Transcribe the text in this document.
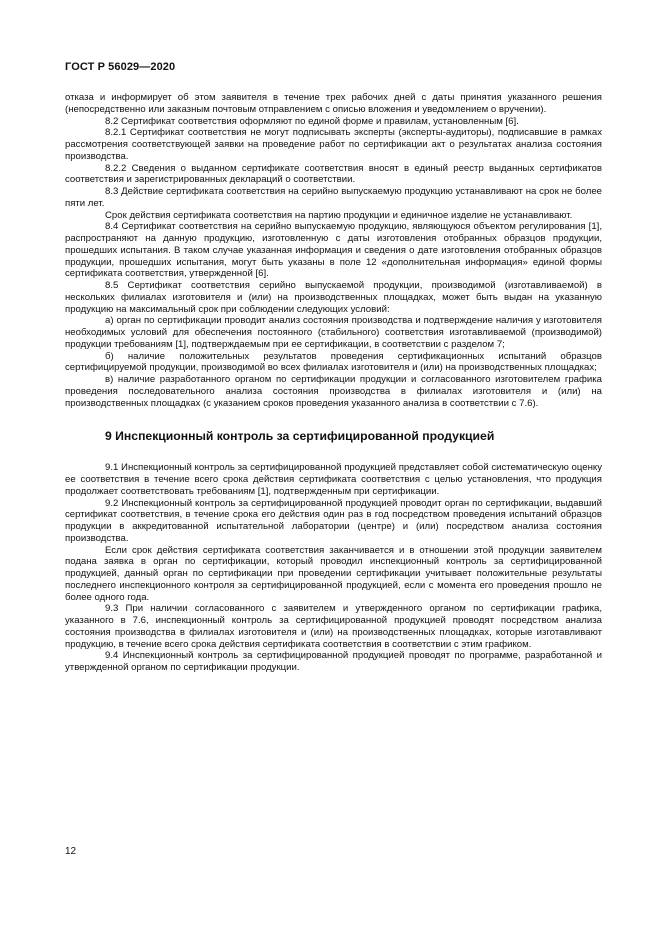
ГОСТ Р 56029—2020

отказа и информирует об этом заявителя в течение трех рабочих дней с даты принятия указанного решения (непосредственно или заказным почтовым отправлением с описью вложения и уведомлением о вручении).

8.2 Сертификат соответствия оформляют по единой форме и правилам, установленным [6].

8.2.1 Сертификат соответствия не могут подписывать эксперты (эксперты-аудиторы), подписавшие в рамках рассмотрения соответствующей заявки на проведение работ по сертификации акт о результатах анализа состояния производства.

8.2.2 Сведения о выданном сертификате соответствия вносят в единый реестр выданных сертификатов соответствия и зарегистрированных деклараций о соответствии.

8.3 Действие сертификата соответствия на серийно выпускаемую продукцию устанавливают на срок не более пяти лет.

Срок действия сертификата соответствия на партию продукции и единичное изделие не устанавливают.

8.4 Сертификат соответствия на серийно выпускаемую продукцию, являющуюся объектом регулирования [1], распространяют на данную продукцию, изготовленную с даты изготовления отобранных образцов продукции, прошедших испытания. В таком случае указанная информация и сведения о дате изготовления отобранных образцов продукции, прошедших испытания, могут быть указаны в поле 12 «дополнительная информация» единой формы сертификата соответствия, утвержденной [6].

8.5 Сертификат соответствия серийно выпускаемой продукции, производимой (изготавливаемой) в нескольких филиалах изготовителя и (или) на производственных площадках, может быть выдан на указанную продукцию на максимальный срок при соблюдении следующих условий:

а) орган по сертификации проводит анализ состояния производства и подтверждение наличия у изготовителя необходимых условий для обеспечения постоянного (стабильного) соответствия изготавливаемой (производимой) продукции требованиям [1], подтверждаемым при ее сертификации, в соответствии с разделом 7;

б) наличие положительных результатов проведения сертификационных испытаний образцов сертифицируемой продукции, производимой во всех филиалах изготовителя и (или) на производственных площадках;

в) наличие разработанного органом по сертификации продукции и согласованного изготовителем графика проведения последовательного анализа состояния производства в филиалах изготовителя и (или) на производственных площадках (с указанием сроков проведения указанного анализа в соответствии с 7.6).

9 Инспекционный контроль за сертифицированной продукцией

9.1 Инспекционный контроль за сертифицированной продукцией представляет собой систематическую оценку ее соответствия в течение всего срока действия сертификата соответствия с целью установления, что продукция продолжает соответствовать требованиям [1], подтвержденным при сертификации.

9.2 Инспекционный контроль за сертифицированной продукцией проводит орган по сертификации, выдавший сертификат соответствия, в течение срока его действия один раз в год посредством проведения испытаний образцов продукции в аккредитованной испытательной лаборатории (центре) и (или) посредством анализа состояния производства.

Если срок действия сертификата соответствия заканчивается и в отношении этой продукции заявителем подана заявка в орган по сертификации, который проводил инспекционный контроль за сертифицированной продукцией, данный орган по сертификации при проведении сертификации учитывает положительные результаты последнего инспекционного контроля за сертифицированной продукцией, если с момента его проведения прошло не более одного года.

9.3 При наличии согласованного с заявителем и утвержденного органом по сертификации графика, указанного в 7.6, инспекционный контроль за сертифицированной продукцией проводят посредством анализа состояния производства в филиалах изготовителя и (или) на производственных площадках, которые изготавливают продукцию, в течение всего срока действия сертификата соответствия в соответствии с этим графиком.

9.4 Инспекционный контроль за сертифицированной продукцией проводят по программе, разработанной и утвержденной органом по сертификации продукции.

12
